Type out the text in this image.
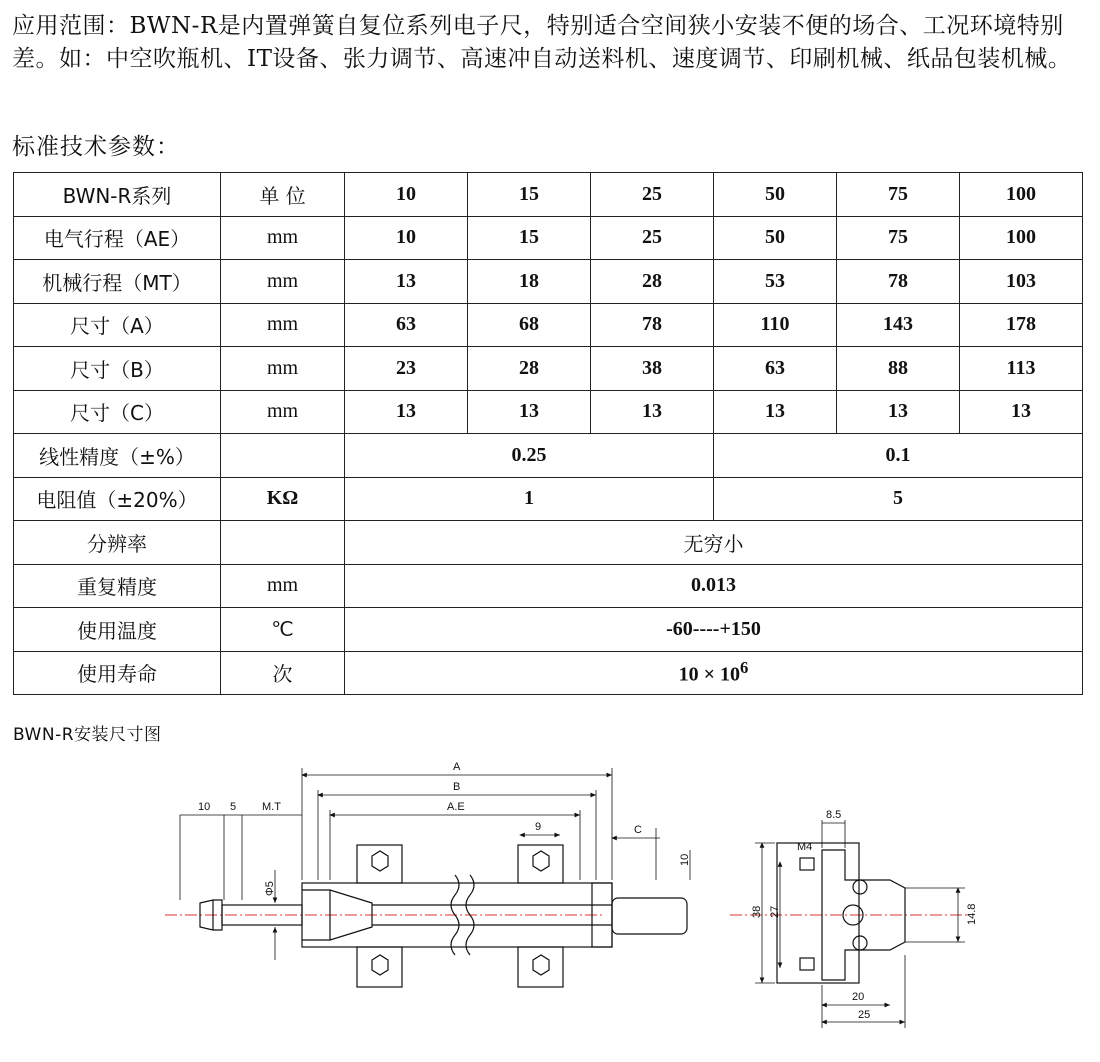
应用范围：BWN-R是内置弹簧自复位系列电子尺，特别适合空间狭小安装不便的场合、工况环境特别差。如：中空吹瓶机、IT设备、张力调节、高速冲自动送料机、速度调节、印刷机械、纸品包装机械。
标准技术参数：
BWN-R系列	单 位	10	15	25	50	75	100
电气行程（AE）	mm	10	15	25	50	75	100
机械行程（MT）	mm	13	18	28	53	78	103
尺寸（A）	mm	63	68	78	110	143	178
尺寸（B）	mm	23	28	38	63	88	113
尺寸（C）	mm	13	13	13	13	13	13
线性精度（±%）		0.25			0.1		
电阻值（±20%）	KΩ	1			5		
分辨率		无穷小					
重复精度	mm	0.013					
使用温度	℃	-60----+150					
使用寿命	次	$10 \times 10^6$
BWN-R安装尺寸图
A
B
A.E
9	C
10 5 M.T
Φ5
10
8.5
M4
38 27	14.8
20
25
